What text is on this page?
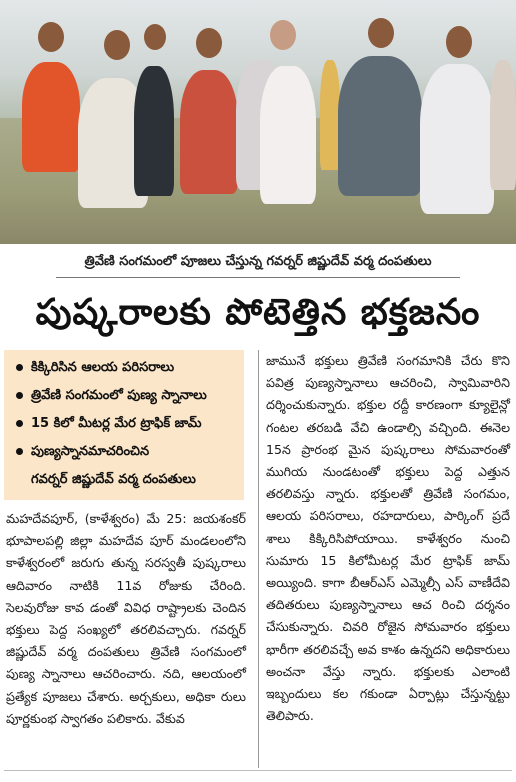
త్రివేణి సంగమంలో పూజలు చేస్తున్న గవర్నర్ జిష్ణుదేవ్ వర్మ దంపతులు
పుష్కరాలకు పోటెత్తిన భక్తజనం
కిక్కిరిసిన ఆలయ పరిసరాలు
త్రివేణి సంగమంలో పుణ్య స్నానాలు
15 కిలో మీటర్ల మేర ట్రాఫిక్ జామ్
పుణ్యస్నానమాచరించిన
గవర్నర్ జిష్ణుదేవ్ వర్మ దంపతులు

మహదేవపూర్, (కాళేశ్వరం) మే 25: జయశంకర్ భూపాలపల్లి జిల్లా మహదేవ పూర్ మండలంలోని కాళేశ్వరంలో జరుగు తున్న సరస్వతీ పుష్కరాలు ఆదివారం నాటికి 11వ రోజుకు చేరింది. సెలవురోజు కావ డంతో వివిధ రాష్ట్రాలకు చెందిన భక్తులు పెద్ద సంఖ్యలో తరలివచ్చారు. గవర్నర్ జిష్ణుదేవ్ వర్మ దంపతులు త్రివేణి సంగమంలో పుణ్య స్నానాలు ఆచరించారు. నది, ఆలయంలో ప్రత్యేక పూజలు చేశారు. అర్చకులు, అధికా రులు పూర్ణకుంభ స్వాగతం పలికారు. వేకువ

జామునే భక్తులు త్రివేణి సంగమానికి చేరు కొని పవిత్ర పుణ్యస్నానాలు ఆచరించి, స్వామివారిని దర్శించుకున్నారు. భక్తుల రద్దీ కారణంగా క్యూలైన్లో గంటల తరబడి వేచి ఉండాల్సి వచ్చింది. ఈనెల 15న ప్రారంభ మైన పుష్కరాలు సోమవారంతో ముగియ నుండటంతో భక్తులు పెద్ద ఎత్తున తరలివస్తు న్నారు. భక్తులతో త్రివేణి సంగమం, ఆలయ పరిసరాలు, రహదారులు, పార్కింగ్ ప్రదే శాలు కిక్కిరిసిపోయాయి. కాళేశ్వరం నుంచి సుమారు 15 కిలోమీటర్ల మేర ట్రాఫిక్ జామ్ అయ్యింది. కాగా బీఆర్ఎస్ ఎమ్మెల్సీ ఎస్ వాణీదేవి తదితరులు పుణ్యస్నానాలు ఆచ రించి దర్శనం చేసుకున్నారు. చివరి రోజైన సోమవారం భక్తులు భారీగా తరలివచ్చే అవ కాశం ఉన్నదని అధికారులు అంచనా వేస్తు న్నారు. భక్తులకు ఎలాంటి ఇబ్బందులు కల గకుండా ఏర్పాట్లు చేస్తున్నట్టు తెలిపారు.
